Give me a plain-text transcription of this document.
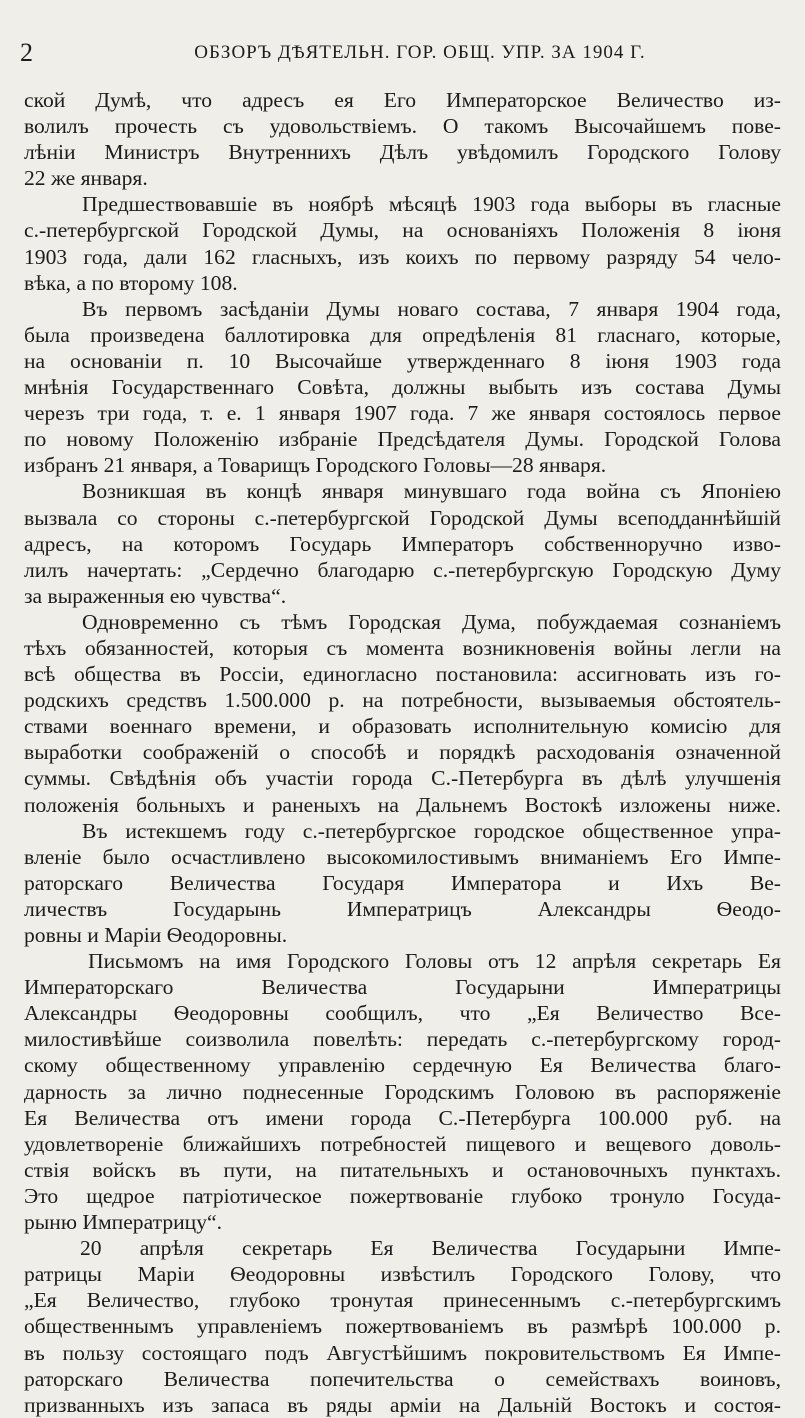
2	ОБЗОРЪ ДѢЯТЕЛЬН. ГОР. ОБЩ. УПР. ЗА 1904 Г.
ской Думѣ, что адресъ ея Его Императорское Величество из-
волилъ прочесть съ удовольствіемъ. О такомъ Высочайшемъ пове-
лѣніи Министръ Внутреннихъ Дѣлъ увѣдомилъ Городского Голову
22 же января.
Предшествовавшіе въ ноябрѣ мѣсяцѣ 1903 года выборы въ гласные
с.-петербургской Городской Думы, на основаніяхъ Положенія 8 іюня
1903 года, дали 162 гласныхъ, изъ коихъ по первому разряду 54 чело-
вѣка, а по второму 108.
Въ первомъ засѣданіи Думы новаго состава, 7 января 1904 года,
была произведена баллотировка для опредѣленія 81 гласнаго, которые,
на основаніи п. 10 Высочайше утвержденнаго 8 іюня 1903 года
мнѣнія Государственнаго Совѣта, должны выбыть изъ состава Думы
черезъ три года, т. е. 1 января 1907 года. 7 же января состоялось первое
по новому Положенію избраніе Предсѣдателя Думы. Городской Голова
избранъ 21 января, а Товарищъ Городского Головы—28 января.
Возникшая въ концѣ января минувшаго года война съ Японіею
вызвала со стороны с.-петербургской Городской Думы всеподданнѣйшій
адресъ, на которомъ Государь Императоръ собственноручно изво-
лилъ начертать: „Сердечно благодарю с.-петербургскую Городскую Думу
за выраженныя ею чувства“.
Одновременно съ тѣмъ Городская Дума, побуждаемая сознаніемъ
тѣхъ обязанностей, которыя съ момента возникновенія войны легли на
всѣ общества въ Россіи, единогласно постановила: ассигновать изъ го-
родскихъ средствъ 1.500.000 р. на потребности, вызываемыя обстоятель-
ствами военнаго времени, и образовать исполнительную комисію для
выработки соображеній о способѣ и порядкѣ расходованія означенной
суммы. Свѣдѣнія объ участіи города С.-Петербурга въ дѣлѣ улучшенія
положенія больныхъ и раненыхъ на Дальнемъ Востокѣ изложены ниже.
Въ истекшемъ году с.-петербургское городское общественное упра-
вленіе было осчастливлено высокомилостивымъ вниманіемъ Его Импе-
раторскаго Величества Государя Императора и Ихъ Ве-
личествъ Государынь Императрицъ Александры Ѳеодо-
ровны и Маріи Ѳеодоровны.
Письмомъ на имя Городского Головы отъ 12 апрѣля секретарь Ея
Императорскаго Величества Государыни Императрицы
Александры Ѳеодоровны сообщилъ, что „Ея Величество Все-
милостивѣйше соизволила повелѣть: передать с.-петербургскому город-
скому общественному управленію сердечную Ея Величества благо-
дарность за лично поднесенные Городскимъ Головою въ распоряженіе
Ея Величества отъ имени города С.-Петербурга 100.000 руб. на
удовлетвореніе ближайшихъ потребностей пищевого и вещевого доволь-
ствія войскъ въ пути, на питательныхъ и остановочныхъ пунктахъ.
Это щедрое патріотическое пожертвованіе глубоко тронуло Госуда-
рыню Императрицу“.
20 апрѣля секретарь Ея Величества Государыни Импе-
ратрицы Маріи Ѳеодоровны извѣстилъ Городского Голову, что
„Ея Величество, глубоко тронутая принесеннымъ с.-петербургскимъ
общественнымъ управленіемъ пожертвованіемъ въ размѣрѣ 100.000 р.
въ пользу состоящаго подъ Августѣйшимъ покровительствомъ Ея Импе-
раторскаго Величества попечительства о семействахъ воиновъ,
призванныхъ изъ запаса въ ряды арміи на Дальній Востокъ и состоя-
